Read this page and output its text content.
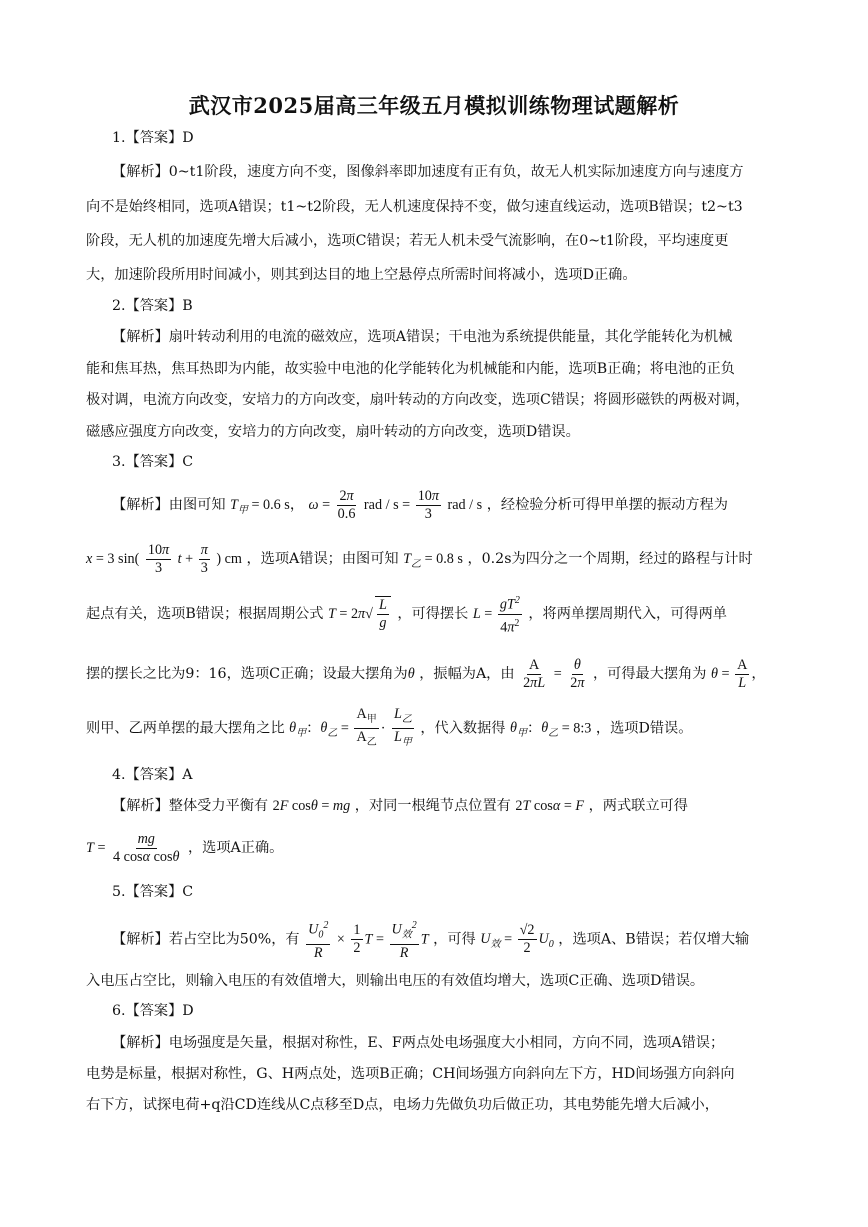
武汉市2025届高三年级五月模拟训练物理试题解析
1.【答案】D
【解析】0~t1阶段，速度方向不变，图像斜率即加速度有正有负，故无人机实际加速度方向与速度方
向不是始终相同，选项A错误；t1~t2阶段，无人机速度保持不变，做匀速直线运动，选项B错误；t2~t3
阶段，无人机的加速度先增大后减小，选项C错误；若无人机未受气流影响，在0~t1阶段，平均速度更
大，加速阶段所用时间减小，则其到达目的地上空悬停点所需时间将减小，选项D正确。
2.【答案】B
【解析】扇叶转动利用的电流的磁效应，选项A错误；干电池为系统提供能量，其化学能转化为机械
能和焦耳热，焦耳热即为内能，故实验中电池的化学能转化为机械能和内能，选项B正确；将电池的正负
极对调，电流方向改变，安培力的方向改变，扇叶转动的方向改变，选项C错误；将圆形磁铁的两极对调，
磁感应强度方向改变，安培力的方向改变，扇叶转动的方向改变，选项D错误。
3.【答案】C
【解析】由图可知 $T_甲 = 0.6$ s， $\omega = \frac{2\pi}{0.6}$ rad / $s = \frac{10\pi}{3}$ rad / s ，经检验分析可得甲单摆的振动方程为
x = 3 $\sin( \frac{10\pi}{3}$ $t + \frac{\pi}{3}$ ) cm ，选项A错误；由图可知 $T_乙 = 0.8$ s ，0.2s为四分之一个周期，经过的路程与计时
起点有关，选项B错误；根据周期公式 $T = 2\pi√ \frac{L}{g}$ ，可得摆长 $L = \frac{gT^2}{4\pi^2}$ ，将两单摆周期代入，可得两单
摆的摆长之比为9：16，选项C正确；设最大摆角为θ ，振幅为A，由 $\frac{A}{2\pi L} = \frac{\theta}{2\pi}$ ，可得最大摆角为 $\theta = \frac{A}{L}$ ，
则甲、乙两单摆的最大摆角之比 $\theta_甲$：$\theta_乙 = \frac{A_甲}{A_乙} \cdot \frac{L_乙}{L_甲}$ ，代入数据得 $\theta_甲$：$\theta_乙$ = 8:3 ，选项D错误。
4.【答案】A
【解析】整体受力平衡有 2F cosθ = mg ，对同一根绳节点位置有 2T cosα = F ，两式联立可得
$T = \frac{mg}{\text{4 cosα cosθ}}$ ，选项A正确。
5.【答案】C
【解析】若占空比为50%，有 $\frac{U_0^2}{R} \times \frac{1}{2}$ $T = \frac{U_效^2}{R}$ T ，可得 $U_效 = \frac{√2}{2} U_0$ ，选项A、B错误；若仅增大输
入电压占空比，则输入电压的有效值增大，则输出电压的有效值均增大，选项C正确、选项D错误。
6.【答案】D
【解析】电场强度是矢量，根据对称性，E、F两点处电场强度大小相同，方向不同，选项A错误；
电势是标量，根据对称性，G、H两点处，选项B正确；CH间场强方向斜向左下方，HD间场强方向斜向
右下方，试探电荷+q沿CD连线从C点移至D点，电场力先做负功后做正功，其电势能先增大后减小，
